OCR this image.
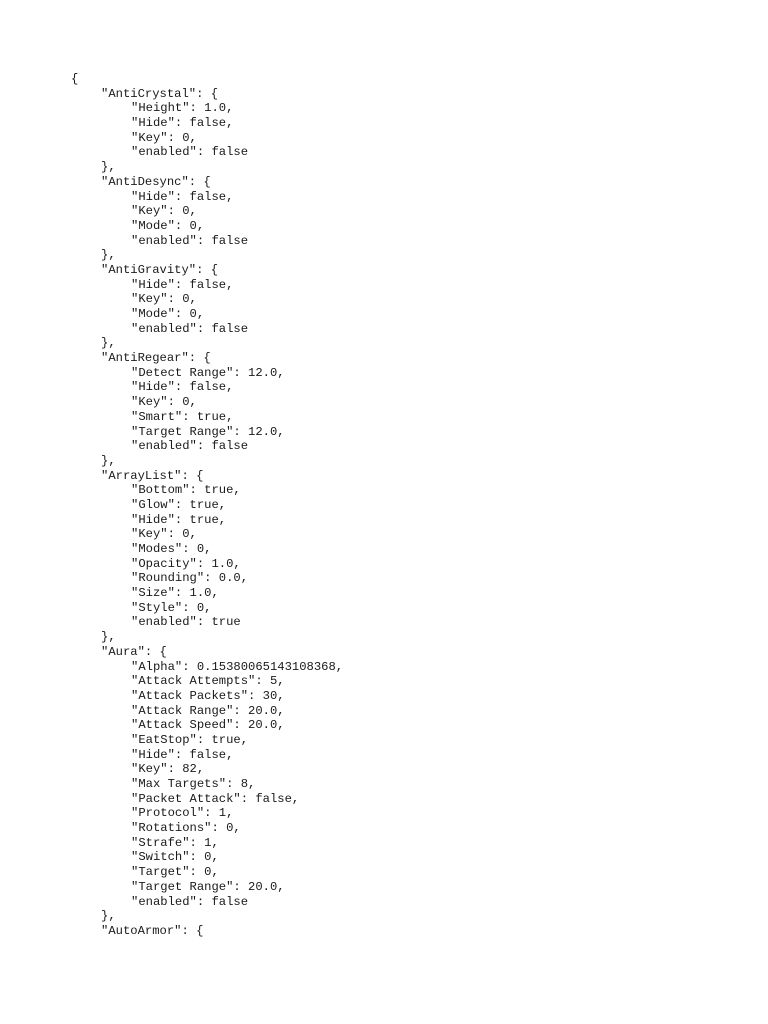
{
"AntiCrystal": {
"Height": 1.0,
"Hide": false,
"Key": 0,
"enabled": false
},
"AntiDesync": {
"Hide": false,
"Key": 0,
"Mode": 0,
"enabled": false
},
"AntiGravity": {
"Hide": false,
"Key": 0,
"Mode": 0,
"enabled": false
},
"AntiRegear": {
"Detect Range": 12.0,
"Hide": false,
"Key": 0,
"Smart": true,
"Target Range": 12.0,
"enabled": false
},
"ArrayList": {
"Bottom": true,
"Glow": true,
"Hide": true,
"Key": 0,
"Modes": 0,
"Opacity": 1.0,
"Rounding": 0.0,
"Size": 1.0,
"Style": 0,
"enabled": true
},
"Aura": {
"Alpha": 0.15380065143108368,
"Attack Attempts": 5,
"Attack Packets": 30,
"Attack Range": 20.0,
"Attack Speed": 20.0,
"EatStop": true,
"Hide": false,
"Key": 82,
"Max Targets": 8,
"Packet Attack": false,
"Protocol": 1,
"Rotations": 0,
"Strafe": 1,
"Switch": 0,
"Target": 0,
"Target Range": 20.0,
"enabled": false
},
"AutoArmor": {
